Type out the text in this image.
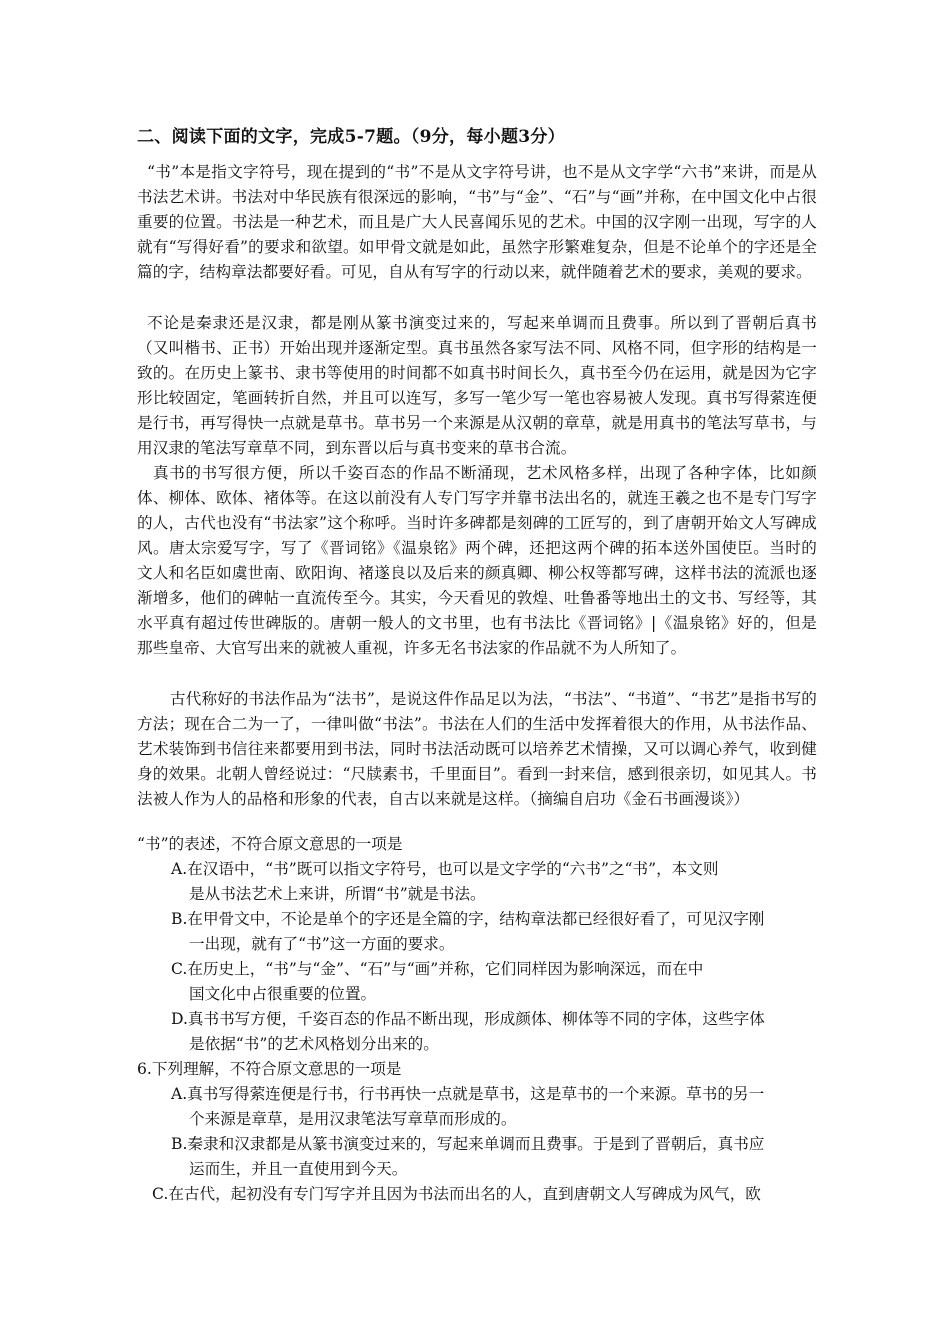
二、阅读下面的文字，完成5-7题。（9分，每小题3分）
“书”本是指文字符号，现在提到的“书”不是从文字符号讲，也不是从文字学“六书”来讲，而是从书法艺术讲。书法对中华民族有很深远的影响，“书”与“金”、“石”与“画”并称，在中国文化中占很重要的位置。书法是一种艺术，而且是广大人民喜闻乐见的艺术。中国的汉字刚一出现，写字的人就有“写得好看”的要求和欲望。如甲骨文就是如此，虽然字形繁难复杂，但是不论单个的字还是全篇的字，结构章法都要好看。可见，自从有写字的行动以来，就伴随着艺术的要求，美观的要求。
不论是秦隶还是汉隶，都是刚从篆书演变过来的，写起来单调而且费事。所以到了晋朝后真书（又叫楷书、正书）开始出现并逐渐定型。真书虽然各家写法不同、风格不同，但字形的结构是一致的。在历史上篆书、隶书等使用的时间都不如真书时间长久，真书至今仍在运用，就是因为它字形比较固定，笔画转折自然，并且可以连写，多写一笔少写一笔也容易被人发现。真书写得萦连便是行书，再写得快一点就是草书。草书另一个来源是从汉朝的章草，就是用真书的笔法写草书，与用汉隶的笔法写章草不同，到东晋以后与真书变来的草书合流。
真书的书写很方便，所以千姿百态的作品不断涌现，艺术风格多样，出现了各种字体，比如颜体、柳体、欧体、褚体等。在这以前没有人专门写字并靠书法出名的，就连王羲之也不是专门写字的人，古代也没有“书法家”这个称呼。当时许多碑都是刻碑的工匠写的，到了唐朝开始文人写碑成风。唐太宗爱写字，写了《晋词铭》《温泉铭》两个碑，还把这两个碑的拓本送外国使臣。当时的文人和名臣如虞世南、欧阳询、褚遂良以及后来的颜真卿、柳公权等都写碑，这样书法的流派也逐渐增多，他们的碑帖一直流传至今。其实，今天看见的敦煌、吐鲁番等地出土的文书、写经等，其水平真有超过传世碑版的。唐朝一般人的文书里，也有书法比《晋词铭》|《温泉铭》好的，但是那些皇帝、大官写出来的就被人重视，许多无名书法家的作品就不为人所知了。
古代称好的书法作品为“法书”，是说这件作品足以为法，“书法”、“书道”、“书艺”是指书写的方法；现在合二为一了，一律叫做“书法”。书法在人们的生活中发挥着很大的作用，从书法作品、艺术装饰到书信往来都要用到书法，同时书法活动既可以培养艺术情操，又可以调心养气，收到健身的效果。北朝人曾经说过：“尺牍素书，千里面目”。看到一封来信，感到很亲切，如见其人。书法被人作为人的品格和形象的代表，自古以来就是这样。（摘编自启功《金石书画漫谈》）
“书”的表述，不符合原文意思的一项是
A.在汉语中，“书”既可以指文字符号，也可以是文字学的“六书”之“书”，本文则
是从书法艺术上来讲，所谓“书”就是书法。
B.在甲骨文中，不论是单个的字还是全篇的字，结构章法都已经很好看了，可见汉字刚
一出现，就有了“书”这一方面的要求。
C.在历史上，“书”与“金”、“石”与“画”并称，它们同样因为影响深远，而在中
国文化中占很重要的位置。
D.真书书写方便，千姿百态的作品不断出现，形成颜体、柳体等不同的字体，这些字体
是依据“书”的艺术风格划分出来的。
6.下列理解，不符合原文意思的一项是
A.真书写得萦连便是行书，行书再快一点就是草书，这是草书的一个来源。草书的另一
个来源是章草，是用汉隶笔法写章草而形成的。
B.秦隶和汉隶都是从篆书演变过来的，写起来单调而且费事。于是到了晋朝后，真书应
运而生，并且一直使用到今天。
C.在古代，起初没有专门写字并且因为书法而出名的人，直到唐朝文人写碑成为风气，欧
